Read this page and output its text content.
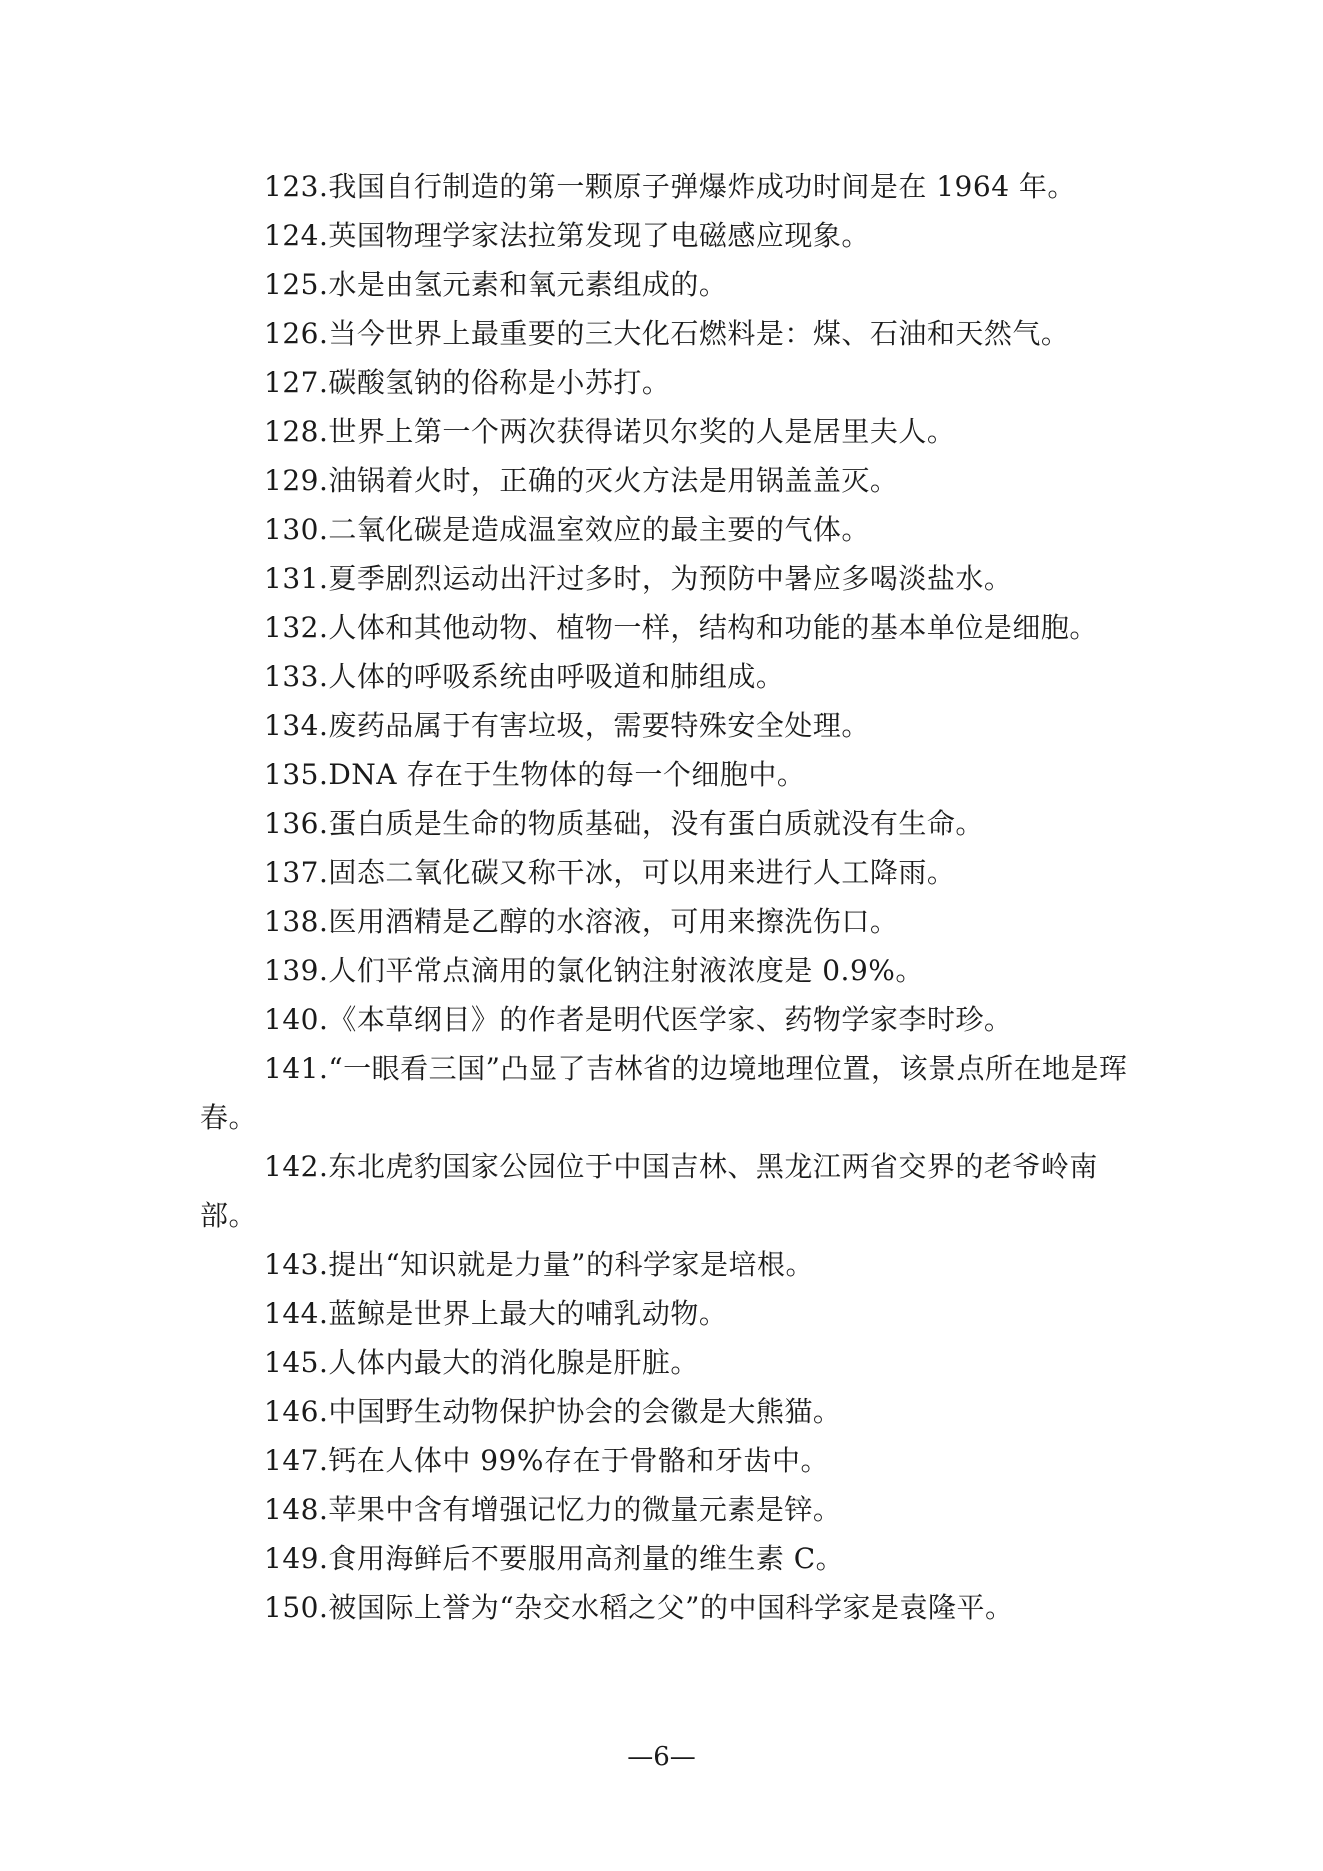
123.我国自行制造的第一颗原子弹爆炸成功时间是在 1964 年。
124.英国物理学家法拉第发现了电磁感应现象。
125.水是由氢元素和氧元素组成的。
126.当今世界上最重要的三大化石燃料是：煤、石油和天然气。
127.碳酸氢钠的俗称是小苏打。
128.世界上第一个两次获得诺贝尔奖的人是居里夫人。
129.油锅着火时，正确的灭火方法是用锅盖盖灭。
130.二氧化碳是造成温室效应的最主要的气体。
131.夏季剧烈运动出汗过多时，为预防中暑应多喝淡盐水。
132.人体和其他动物、植物一样，结构和功能的基本单位是细胞。
133.人体的呼吸系统由呼吸道和肺组成。
134.废药品属于有害垃圾，需要特殊安全处理。
135.DNA 存在于生物体的每一个细胞中。
136.蛋白质是生命的物质基础，没有蛋白质就没有生命。
137.固态二氧化碳又称干冰，可以用来进行人工降雨。
138.医用酒精是乙醇的水溶液，可用来擦洗伤口。
139.人们平常点滴用的氯化钠注射液浓度是 0.9%。
140.《本草纲目》的作者是明代医学家、药物学家李时珍。
141.“一眼看三国”凸显了吉林省的边境地理位置，该景点所在地是珲春。
142.东北虎豹国家公园位于中国吉林、黑龙江两省交界的老爷岭南部。
143.提出“知识就是力量”的科学家是培根。
144.蓝鲸是世界上最大的哺乳动物。
145.人体内最大的消化腺是肝脏。
146.中国野生动物保护协会的会徽是大熊猫。
147.钙在人体中 99%存在于骨骼和牙齿中。
148.苹果中含有增强记忆力的微量元素是锌。
149.食用海鲜后不要服用高剂量的维生素 C。
150.被国际上誉为“杂交水稻之父”的中国科学家是袁隆平。
—6—
